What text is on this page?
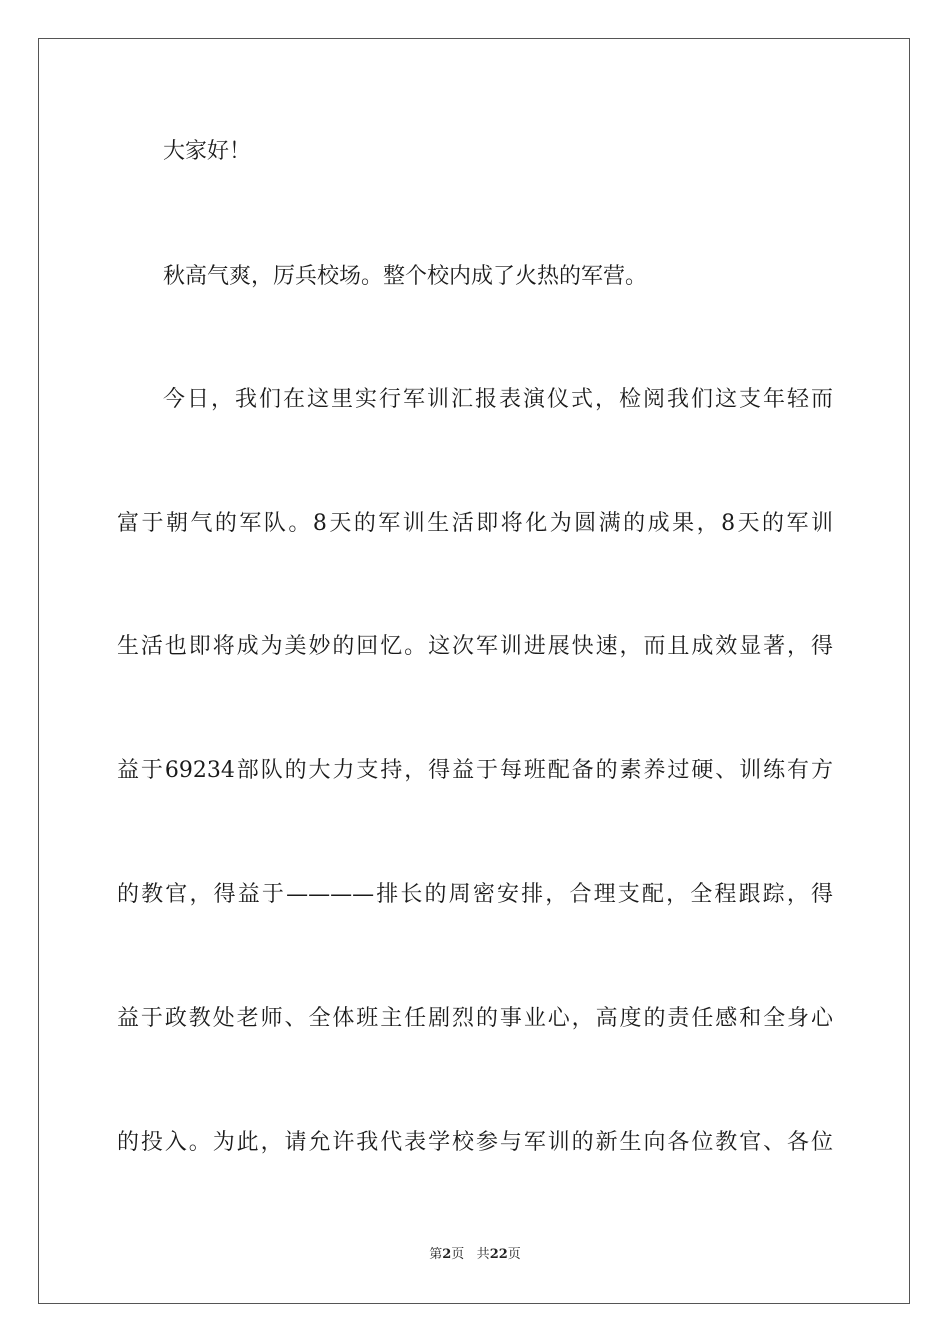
大家好！
秋高气爽，厉兵校场。整个校内成了火热的军营。
今日，我们在这里实行军训汇报表演仪式，检阅我们这支年轻而
富于朝气的军队。8天的军训生活即将化为圆满的成果，8天的军训
生活也即将成为美妙的回忆。这次军训进展快速，而且成效显著，得
益于69234部队的大力支持，得益于每班配备的素养过硬、训练有方
的教官，得益于————排长的周密安排，合理支配，全程跟踪，得
益于政教处老师、全体班主任剧烈的事业心，高度的责任感和全身心
的投入。为此，请允许我代表学校参与军训的新生向各位教官、各位
第2页 共22页
